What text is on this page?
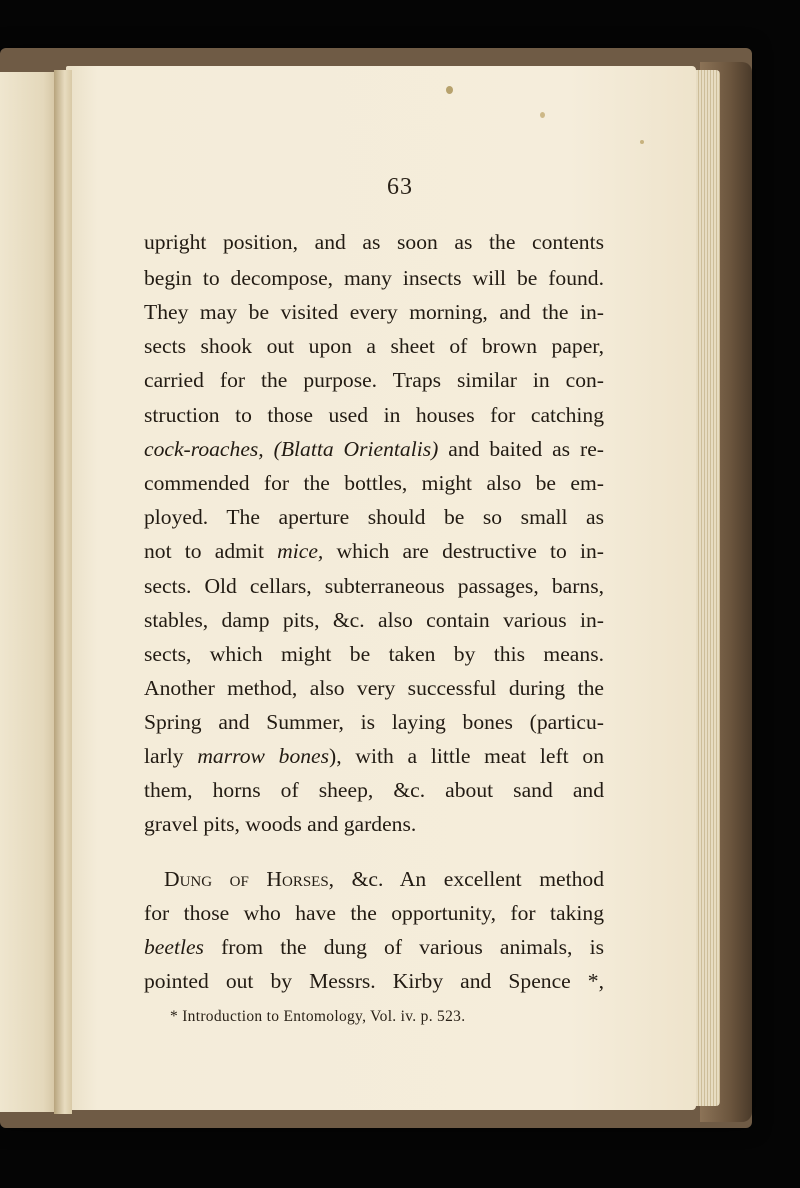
63
upright position, and as soon as the contents
begin to decompose, many insects will be found.
They may be visited every morning, and the in-
sects shook out upon a sheet of brown paper,
carried for the purpose. Traps similar in con-
struction to those used in houses for catching
cock-roaches, (Blatta Orientalis) and baited as re-
commended for the bottles, might also be em-
ployed. The aperture should be so small as
not to admit mice, which are destructive to in-
sects. Old cellars, subterraneous passages, barns,
stables, damp pits, &c. also contain various in-
sects, which might be taken by this means.
Another method, also very successful during the
Spring and Summer, is laying bones (particu-
larly marrow bones), with a little meat left on
them, horns of sheep, &c. about sand and
gravel pits, woods and gardens.
Dung of Horses, &c. An excellent method
for those who have the opportunity, for taking
beetles from the dung of various animals, is
pointed out by Messrs. Kirby and Spence *,
* Introduction to Entomology, Vol. iv. p. 523.
